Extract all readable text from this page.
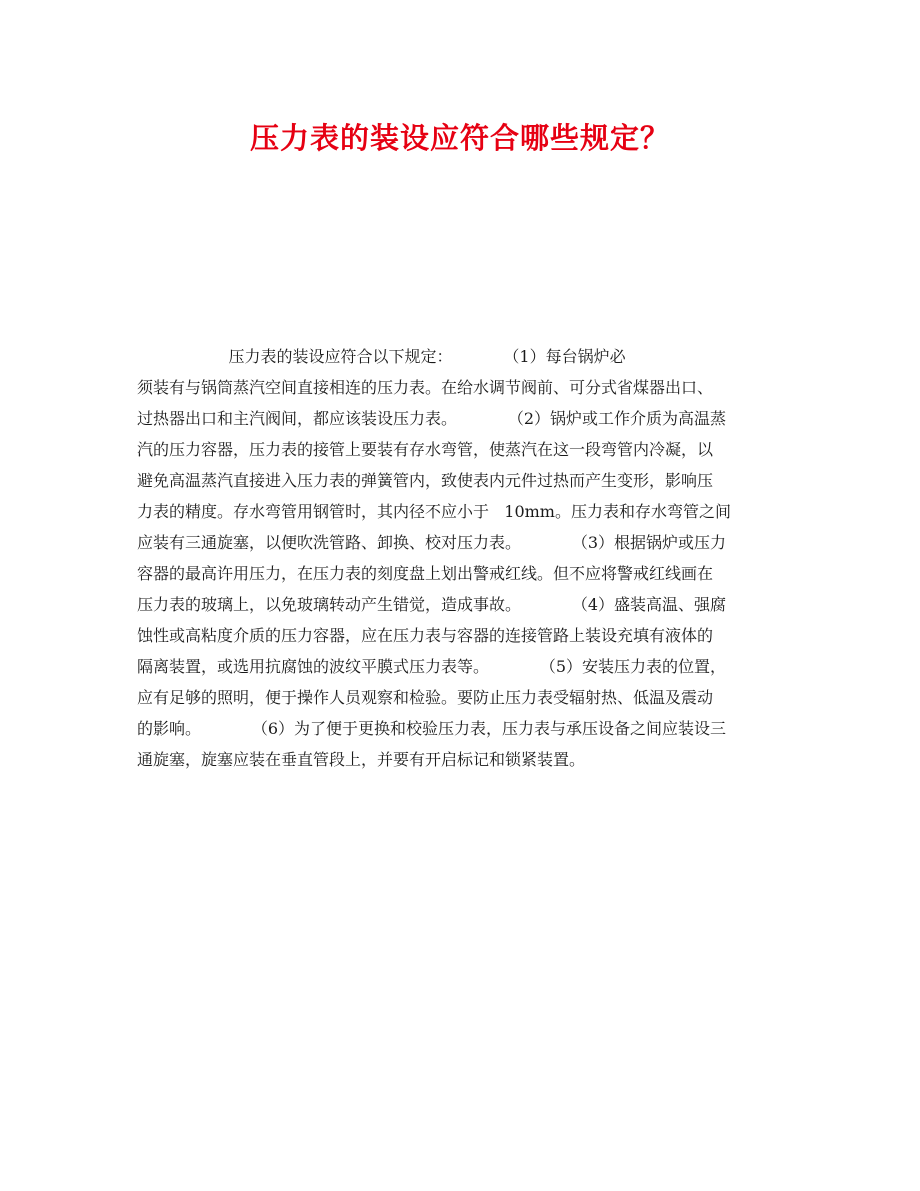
压力表的装设应符合哪些规定？
压力表的装设应符合以下规定：          （1）每台锅炉必
须装有与锅筒蒸汽空间直接相连的压力表。在给水调节阀前、可分式省煤器出口、
过热器出口和主汽阀间，都应该装设压力表。          （2）锅炉或工作介质为高温蒸
汽的压力容器，压力表的接管上要装有存水弯管，使蒸汽在这一段弯管内冷凝，以
避免高温蒸汽直接进入压力表的弹簧管内，致使表内元件过热而产生变形，影响压
力表的精度。存水弯管用钢管时，其内径不应小于   10mm。压力表和存水弯管之间
应装有三通旋塞，以便吹洗管路、卸换、校对压力表。          （3）根据锅炉或压力
容器的最高许用压力，在压力表的刻度盘上划出警戒红线。但不应将警戒红线画在
压力表的玻璃上，以免玻璃转动产生错觉，造成事故。          （4）盛装高温、强腐
蚀性或高粘度介质的压力容器，应在压力表与容器的连接管路上装设充填有液体的
隔离装置，或选用抗腐蚀的波纹平膜式压力表等。          （5）安装压力表的位置，
应有足够的照明，便于操作人员观察和检验。要防止压力表受辐射热、低温及震动
的影响。          （6）为了便于更换和校验压力表，压力表与承压设备之间应装设三
通旋塞，旋塞应装在垂直管段上，并要有开启标记和锁紧装置。
